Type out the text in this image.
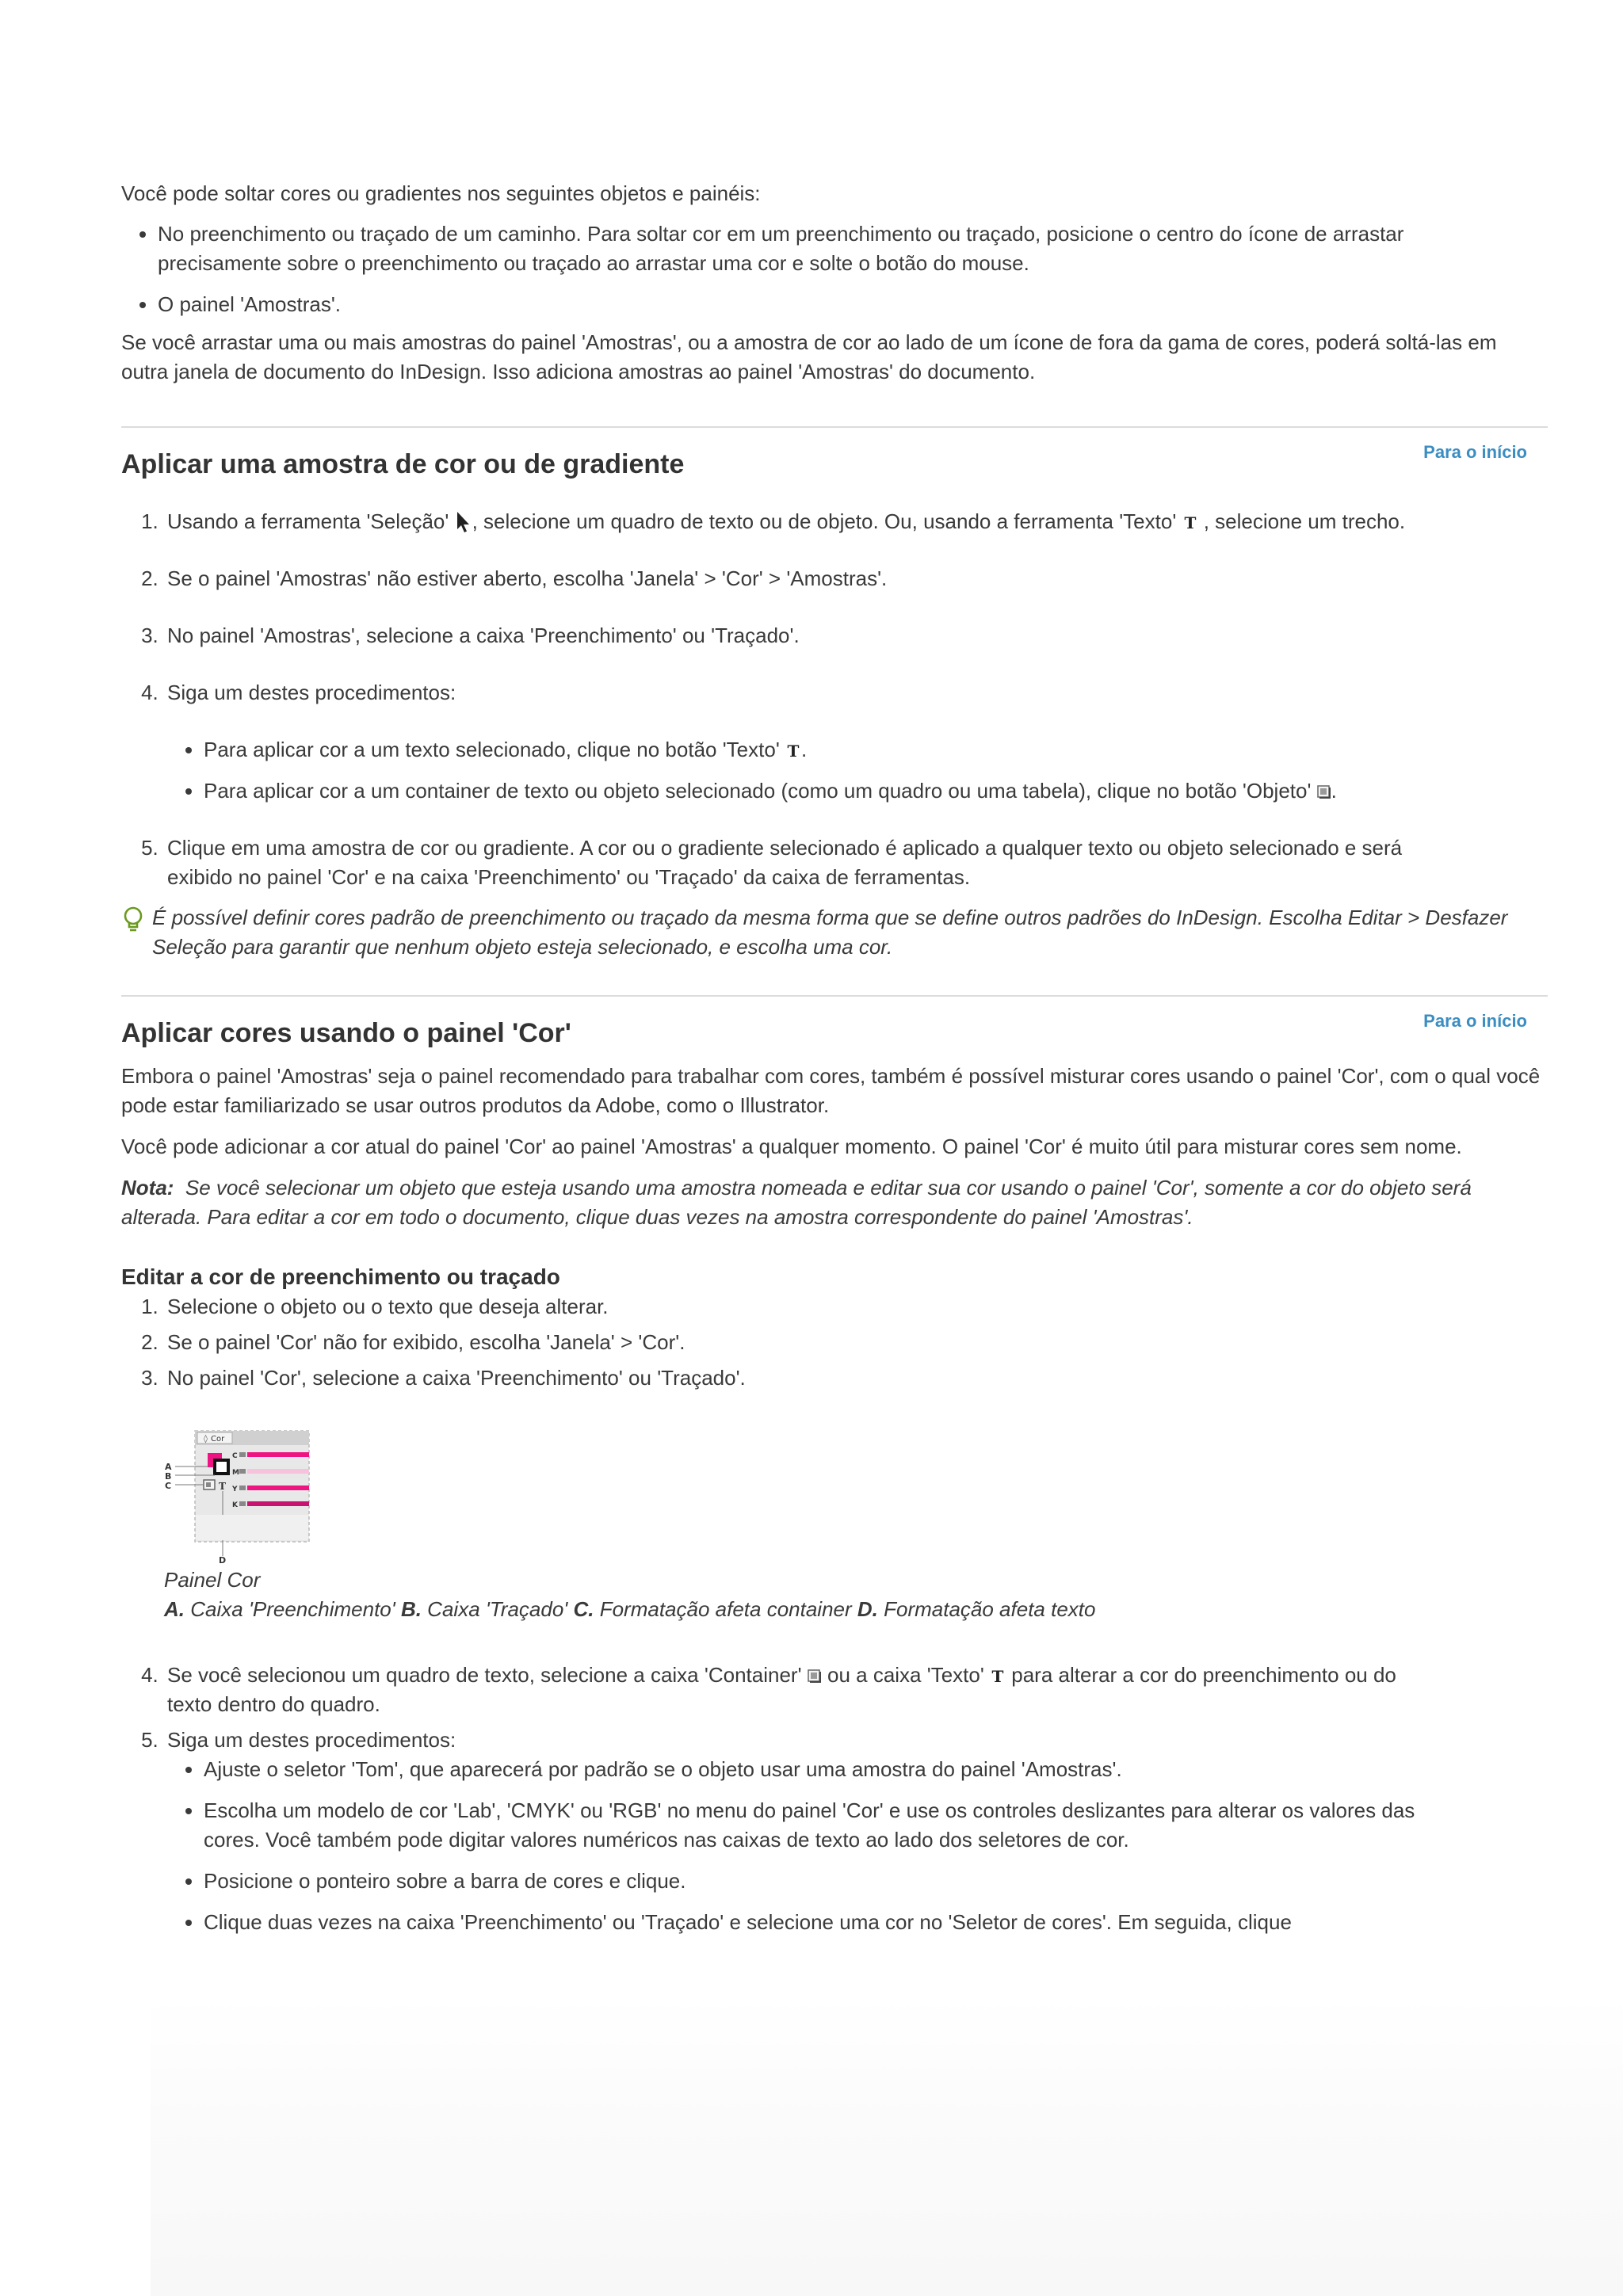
Você pode soltar cores ou gradientes nos seguintes objetos e painéis:

• No preenchimento ou traçado de um caminho. Para soltar cor em um preenchimento ou traçado, posicione o centro do ícone de arrastar precisamente sobre o preenchimento ou traçado ao arrastar uma cor e solte o botão do mouse.
• O painel 'Amostras'.

Se você arrastar uma ou mais amostras do painel 'Amostras', ou a amostra de cor ao lado de um ícone de fora da gama de cores, poderá soltá-las em outra janela de documento do InDesign. Isso adiciona amostras ao painel 'Amostras' do documento.

Para o início
Aplicar uma amostra de cor ou de gradiente
1. Usando a ferramenta 'Seleção' , selecione um quadro de texto ou de objeto. Ou, usando a ferramenta 'Texto' T , selecione um trecho.
2. Se o painel 'Amostras' não estiver aberto, escolha 'Janela' > 'Cor' > 'Amostras'.
3. No painel 'Amostras', selecione a caixa 'Preenchimento' ou 'Traçado'.
4. Siga um destes procedimentos:
• Para aplicar cor a um texto selecionado, clique no botão 'Texto' T .
• Para aplicar cor a um container de texto ou objeto selecionado (como um quadro ou uma tabela), clique no botão 'Objeto' .
5. Clique em uma amostra de cor ou gradiente. A cor ou o gradiente selecionado é aplicado a qualquer texto ou objeto selecionado e será exibido no painel 'Cor' e na caixa 'Preenchimento' ou 'Traçado' da caixa de ferramentas.

É possível definir cores padrão de preenchimento ou traçado da mesma forma que se define outros padrões do InDesign. Escolha Editar > Desfazer Seleção para garantir que nenhum objeto esteja selecionado, e escolha uma cor.

Para o início
Aplicar cores usando o painel 'Cor'

Embora o painel 'Amostras' seja o painel recomendado para trabalhar com cores, também é possível misturar cores usando o painel 'Cor', com o qual você pode estar familiarizado se usar outros produtos da Adobe, como o Illustrator.

Você pode adicionar a cor atual do painel 'Cor' ao painel 'Amostras' a qualquer momento. O painel 'Cor' é muito útil para misturar cores sem nome.

Nota: Se você selecionar um objeto que esteja usando uma amostra nomeada e editar sua cor usando o painel 'Cor', somente a cor do objeto será alterada. Para editar a cor em todo o documento, clique duas vezes na amostra correspondente do painel 'Amostras'.

Editar a cor de preenchimento ou traçado
1. Selecione o objeto ou o texto que deseja alterar.
2. Se o painel 'Cor' não for exibido, escolha 'Janela' > 'Cor'.
3. No painel 'Cor', selecione a caixa 'Preenchimento' ou 'Traçado'.
◊ Cor
T
A
B
C
D
C
M
Y
K

Painel Cor

A. Caixa 'Preenchimento' B. Caixa 'Traçado' C. Formatação afeta container D. Formatação afeta texto

4. Se você selecionou um quadro de texto, selecione a caixa 'Container'  ou a caixa 'Texto' T para alterar a cor do preenchimento ou do texto dentro do quadro.
5. Siga um destes procedimentos:
• Ajuste o seletor 'Tom', que aparecerá por padrão se o objeto usar uma amostra do painel 'Amostras'.
• Escolha um modelo de cor 'Lab', 'CMYK' ou 'RGB' no menu do painel 'Cor' e use os controles deslizantes para alterar os valores das cores. Você também pode digitar valores numéricos nas caixas de texto ao lado dos seletores de cor.
• Posicione o ponteiro sobre a barra de cores e clique.
• Clique duas vezes na caixa 'Preenchimento' ou 'Traçado' e selecione uma cor no 'Seletor de cores'. Em seguida, clique
